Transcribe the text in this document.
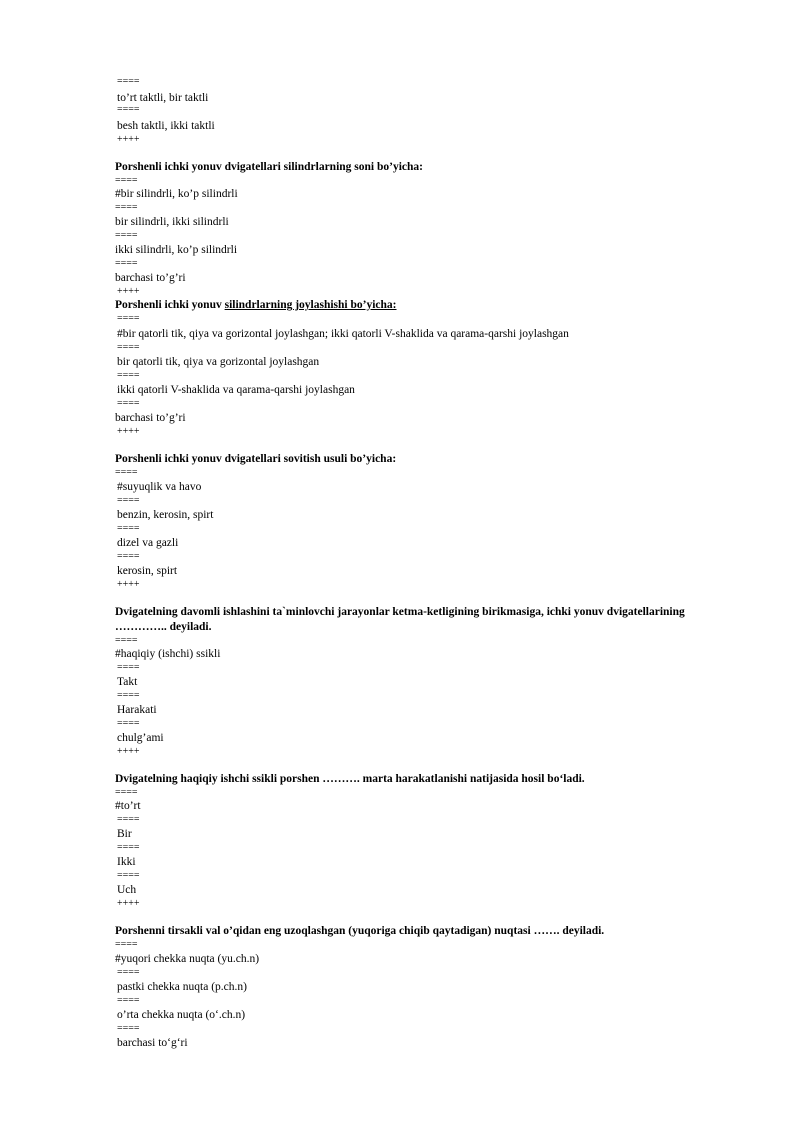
====
to’rt taktli, bir taktli
====
besh taktli, ikki taktli
++++
Porshenli ichki yonuv dvigatellari silindrlarning soni bo’yicha:
====
#bir silindrli, ko’p silindrli
====
bir silindrli, ikki silindrli
====
ikki silindrli, ko’p silindrli
====
barchasi to’g’ri
++++
Porshenli ichki yonuv silindrlarning joylashishi bo’yicha:
====
#bir qatorli tik, qiya va gorizontal joylashgan; ikki qatorli V-shaklida va qarama-qarshi joylashgan
====
bir qatorli tik, qiya va gorizontal joylashgan
====
ikki qatorli V-shaklida va qarama-qarshi joylashgan
====
barchasi to’g’ri
++++
Porshenli ichki yonuv dvigatellari sovitish usuli bo’yicha:
====
#suyuqlik va havo
====
benzin, kerosin, spirt
====
dizel va gazli
====
kerosin, spirt
++++
Dvigatelning davomli ishlashini ta`minlovchi jarayonlar ketma-ketligining birikmasiga, ichki yonuv dvigatellarining
………….. deyiladi.
====
#haqiqiy (ishchi) ssikli
====
Takt
====
Harakati
====
chulg’ami
++++
Dvigatelning haqiqiy ishchi ssikli porshen ………. marta harakatlanishi natijasida hosil bo‘ladi.
====
#to’rt
====
Bir
====
Ikki
====
Uch
++++
Porshenni tirsakli val o’qidan eng uzoqlashgan (yuqoriga chiqib qaytadigan) nuqtasi ……. deyiladi.
====
#yuqori chekka nuqta (yu.ch.n)
====
pastki chekka nuqta (p.ch.n)
====
o’rta chekka nuqta (o‘.ch.n)
====
barchasi to‘g‘ri
